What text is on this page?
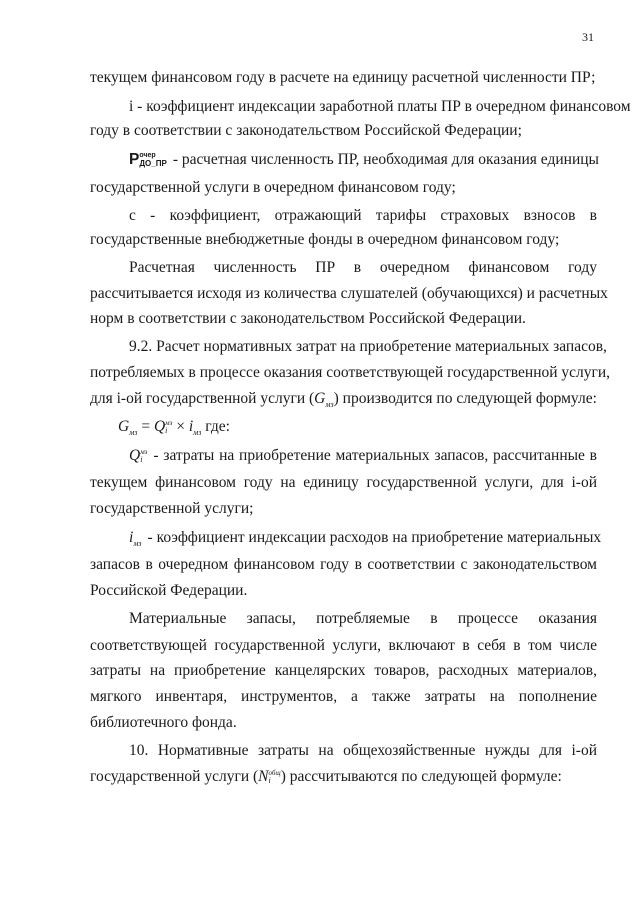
31
текущем финансовом году в расчете на единицу расчетной численности ПР;
i - коэффициент индексации заработной платы ПР в очередном финансовом
году в соответствии с законодательством Российской Федерации;
P очер
ДО_ПР - расчетная численность ПР, необходимая для оказания единицы
государственной услуги в очередном финансовом году;
с - коэффициент, отражающий тарифы страховых взносов в
государственные внебюджетные фонды в очередном финансовом году;
Расчетная численность ПР в очередном финансовом году
рассчитывается исходя из количества слушателей (обучающихся) и расчетных
норм в соответствии с законодательством Российской Федерации.
9.2. Расчет нормативных затрат на приобретение материальных запасов,
потребляемых в процессе оказания соответствующей государственной услуги,
для i-ой государственной услуги $(G_{мз})$ производится по следующей формуле:
$G_{мз} = Q$ мз
$i \times i_{мз}$ где:
Q мз
i - затраты на приобретение материальных запасов, рассчитанные в
текущем финансовом году на единицу государственной услуги, для i-ой
государственной услуги;
$i_{мз}$ - коэффициент индексации расходов на приобретение материальных
запасов в очередном финансовом году в соответствии с законодательством
Российской Федерации.
Материальные запасы, потребляемые в процессе оказания
соответствующей государственной услуги, включают в себя в том числе
затраты на приобретение канцелярских товаров, расходных материалов,
мягкого инвентаря, инструментов, а также затраты на пополнение
библиотечного фонда.
10. Нормативные затраты на общехозяйственные нужды для i-ой
государственной услуги (N общ
i ) рассчитываются по следующей формуле:
